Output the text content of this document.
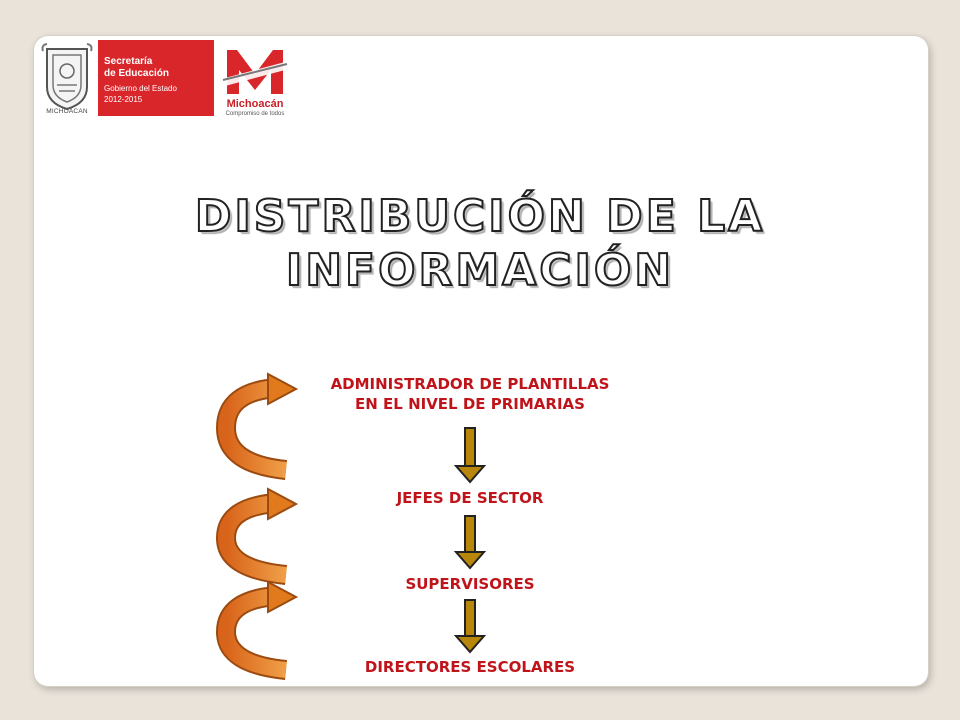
MICHOACAN
Secretaría
de Educación
Gobierno del Estado
2012-2015	Michoacán
Compromiso de todos
DISTRIBUCIÓN DE LA
INFORMACIÓN
ADMINISTRADOR DE PLANTILLAS
EN EL NIVEL DE PRIMARIAS
JEFES DE SECTOR
SUPERVISORES
DIRECTORES ESCOLARES
